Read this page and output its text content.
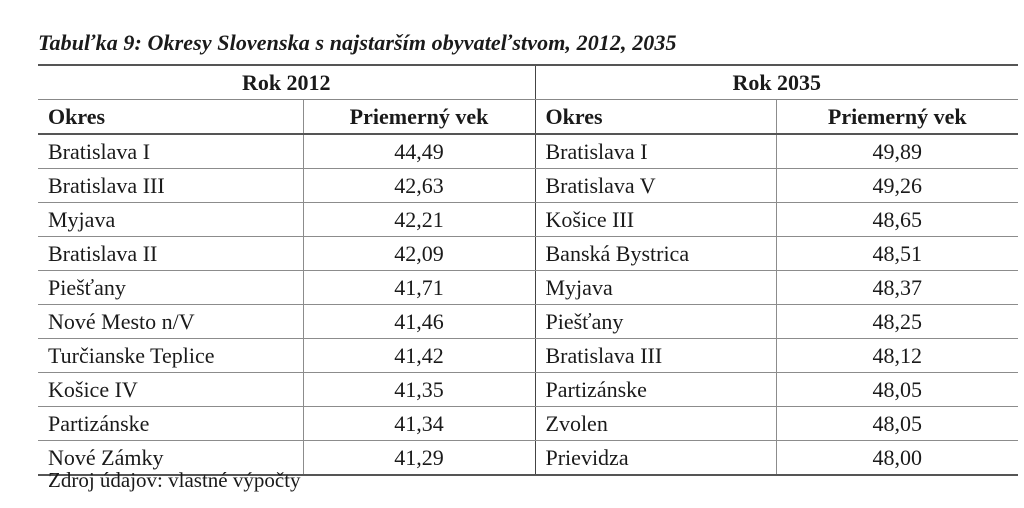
Tabuľka 9: Okresy Slovenska s najstarším obyvateľstvom, 2012, 2035
Rok 2012		Rok 2035	
Okres	Priemerný vek	Okres	Priemerný vek
Bratislava I	44,49	Bratislava I	49,89
Bratislava III	42,63	Bratislava V	49,26
Myjava	42,21	Košice III	48,65
Bratislava II	42,09	Banská Bystrica	48,51
Piešťany	41,71	Myjava	48,37
Nové Mesto n/V	41,46	Piešťany	48,25
Turčianske Teplice	41,42	Bratislava III	48,12
Košice IV	41,35	Partizánske	48,05
Partizánske	41,34	Zvolen	48,05
Nové Zámky	41,29	Prievidza	48,00
Zdroj údajov: vlastné výpočty
